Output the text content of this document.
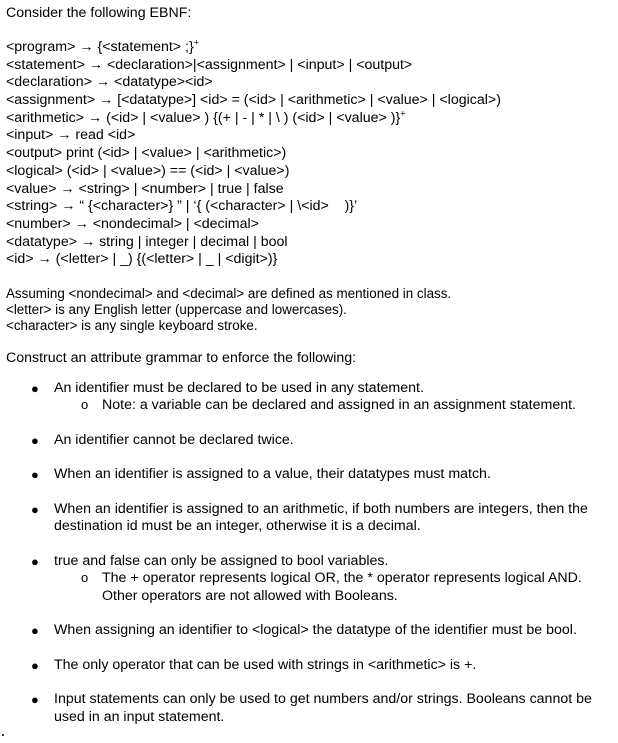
Consider the following EBNF:
<program> → {<statement> ;}+
<statement> → <declaration>|<assignment> | <input> | <output>
<declaration> → <datatype><id>
<assignment> → [<datatype>] <id> = (<id> | <arithmetic> | <value> | <logical>)
<arithmetic> → (<id> | <value> ) {(+ | - | * | \ ) (<id> | <value> )}+
<input> → read <id>
<output> print (<id> | <value> | <arithmetic>)
<logical> (<id> | <value>) == (<id> | <value>)
<value> → <string> | <number> | true | false
<string> → “ {<character>} ” | ‘{ (<character> | \<id>    )}’
<number> → <nondecimal> | <decimal>
<datatype> → string | integer | decimal | bool
<id> → (<letter> | _) {(<letter> | _ | <digit>)}
Assuming <nondecimal> and <decimal> are defined as mentioned in class.
<letter> is any English letter (uppercase and lowercases).
<character> is any single keyboard stroke.
Construct an attribute grammar to enforce the following:
● An identifier must be declared to be used in any statement.
o Note: a variable can be declared and assigned in an assignment statement.
● An identifier cannot be declared twice.
● When an identifier is assigned to a value, their datatypes must match.
● When an identifier is assigned to an arithmetic, if both numbers are integers, then the destination id must be an integer, otherwise it is a decimal.
● true and false can only be assigned to bool variables.
o The + operator represents logical OR, the * operator represents logical AND. Other operators are not allowed with Booleans.
● When assigning an identifier to <logical> the datatype of the identifier must be bool.
● The only operator that can be used with strings in <arithmetic> is +.
● Input statements can only be used to get numbers and/or strings. Booleans cannot be used in an input statement.
